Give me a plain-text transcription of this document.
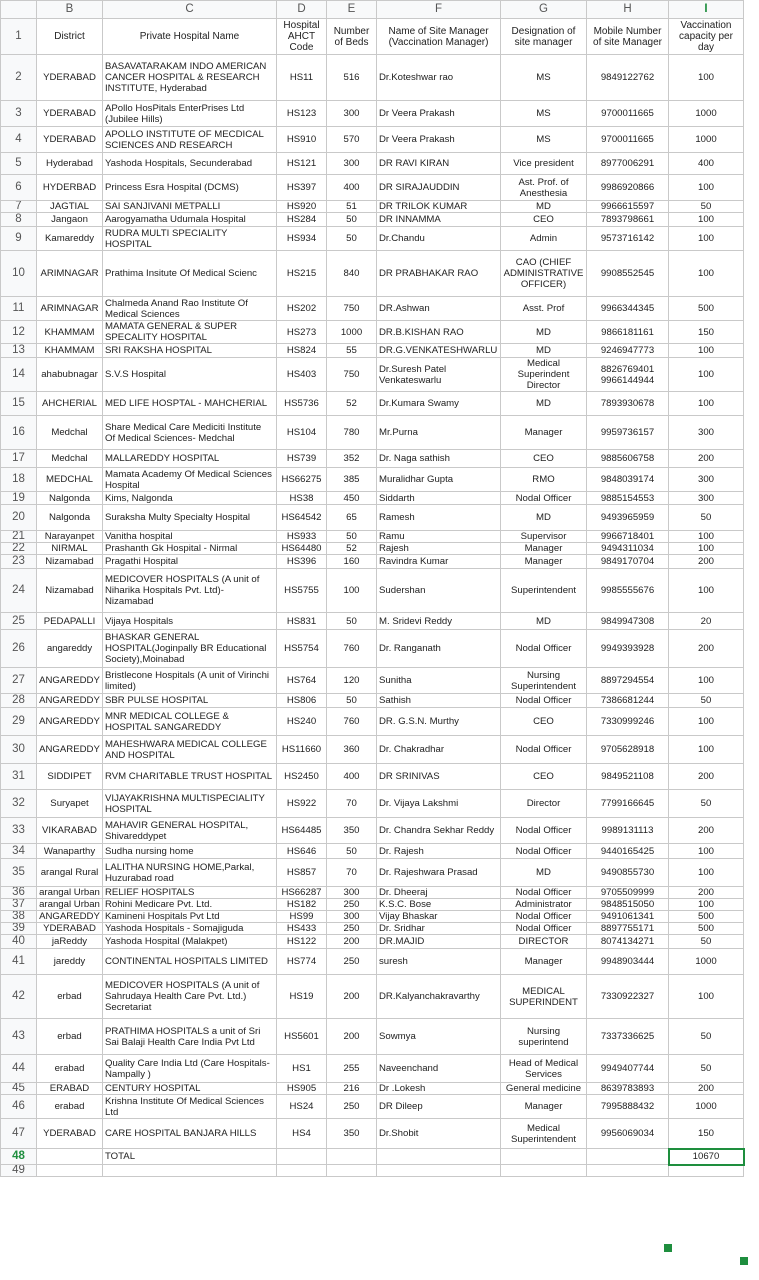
	B	C	D	E	F	G	H	I
1	District	Private Hospital Name	Hospital AHCT Code	Number of Beds	Name of Site Manager (Vaccination Manager)	Designation of site manager	Mobile Number of site Manager	Vaccination capacity per day
2	YDERABAD	BASAVATARAKAM INDO AMERICAN CANCER HOSPITAL & RESEARCH INSTITUTE, Hyderabad	HS11	516	Dr.Koteshwar rao	MS	9849122762	100
3	YDERABAD	APollo HosPitals EnterPrises Ltd (Jubilee Hills)	HS123	300	Dr Veera Prakash	MS	9700011665	1000
4	YDERABAD	APOLLO INSTITUTE OF MECDICAL SCIENCES AND RESEARCH	HS910	570	Dr Veera Prakash	MS	9700011665	1000
5	Hyderabad	Yashoda Hospitals, Secunderabad	HS121	300	DR RAVI KIRAN	Vice president	8977006291	400
6	HYDERBAD	Princess Esra Hospital (DCMS)	HS397	400	DR SIRAJAUDDIN	Ast. Prof. of Anesthesia	9986920866	100
7	JAGTIAL	SAI SANJIVANI METPALLI	HS920	51	DR TRILOK KUMAR	MD	9966615597	50
8	Jangaon	Aarogyamatha Udumala Hospital	HS284	50	DR INNAMMA	CEO	7893798661	100
9	Kamareddy	RUDRA MULTI SPECIALITY HOSPITAL	HS934	50	Dr.Chandu	Admin	9573716142	100
10	ARIMNAGAR	Prathima Insitute Of Medical Scienc	HS215	840	DR PRABHAKAR RAO	CAO (CHIEF ADMINISTRATIVE OFFICER)	9908552545	100
11	ARIMNAGAR	Chalmeda Anand Rao Institute Of Medical Sciences	HS202	750	DR.Ashwan	Asst. Prof	9966344345	500
12	KHAMMAM	MAMATA GENERAL & SUPER SPECALITY HOSPITAL	HS273	1000	DR.B.KISHAN RAO	MD	9866181161	150
13	KHAMMAM	SRI RAKSHA HOSPITAL	HS824	55	DR.G.VENKATESHWARLU	MD	9246947773	100
14	ahabubnagar	S.V.S Hospital	HS403	750	Dr.Suresh Patel Venkateswarlu	Medical Superindent Director	8826769401 9966144944	100
15	AHCHERIAL	MED LIFE HOSPTAL - MAHCHERIAL	HS5736	52	Dr.Kumara Swamy	MD	7893930678	100
16	Medchal	Share Medical Care Mediciti Institute Of Medical Sciences- Medchal	HS104	780	Mr.Purna	Manager	9959736157	300
17	Medchal	MALLAREDDY HOSPITAL	HS739	352	Dr. Naga sathish	CEO	9885606758	200
18	MEDCHAL	Mamata Academy Of Medical Sciences Hospital	HS66275	385	Muralidhar Gupta	RMO	9848039174	300
19	Nalgonda	Kims, Nalgonda	HS38	450	Siddarth	Nodal Officer	9885154553	300
20	Nalgonda	Suraksha Multy Specialty Hospital	HS64542	65	Ramesh	MD	9493965959	50
21	Narayanpet	Vanitha hospital	HS933	50	Ramu	Supervisor	9966718401	100
22	NIRMAL	Prashanth Gk Hospital - Nirmal	HS64480	52	Rajesh	Manager	9494311034	100
23	Nizamabad	Pragathi Hospital	HS396	160	Ravindra Kumar	Manager	9849170704	200
24	Nizamabad	MEDICOVER HOSPITALS (A unit of Niharika Hospitals Pvt. Ltd)- Nizamabad	HS5755	100	Sudershan	Superintendent	9985555676	100
25	PEDAPALLI	Vijaya Hospitals	HS831	50	M. Sridevi Reddy	MD	9849947308	20
26	angareddy	BHASKAR GENERAL HOSPITAL(Joginpally BR Educational Society),Moinabad	HS5754	760	Dr. Ranganath	Nodal Officer	9949393928	200
27	ANGAREDDY	Bristlecone Hospitals (A unit of Virinchi limited)	HS764	120	Sunitha	Nursing Superintendent	8897294554	100
28	ANGAREDDY	SBR PULSE HOSPITAL	HS806	50	Sathish	Nodal Officer	7386681244	50
29	ANGAREDDY	MNR MEDICAL COLLEGE & HOSPITAL SANGAREDDY	HS240	760	DR. G.S.N. Murthy	CEO	7330999246	100
30	ANGAREDDY	MAHESHWARA MEDICAL COLLEGE AND HOSPITAL	HS11660	360	Dr. Chakradhar	Nodal Officer	9705628918	100
31	SIDDIPET	RVM CHARITABLE TRUST HOSPITAL	HS2450	400	DR SRINIVAS	CEO	9849521108	200
32	Suryapet	VIJAYAKRISHNA MULTISPECIALITY HOSPITAL	HS922	70	Dr. Vijaya Lakshmi	Director	7799166645	50
33	VIKARABAD	MAHAVIR GENERAL HOSPITAL, Shivareddypet	HS64485	350	Dr. Chandra Sekhar Reddy	Nodal Officer	9989131113	200
34	Wanaparthy	Sudha nursing home	HS646	50	Dr. Rajesh	Nodal Officer	9440165425	100
35	arangal Rural	LALITHA NURSING HOME,Parkal, Huzurabad road	HS857	70	Dr. Rajeshwara Prasad	MD	9490855730	100
36	arangal Urban	RELIEF HOSPITALS	HS66287	300	Dr. Dheeraj	Nodal Officer	9705509999	200
37	arangal Urban	Rohini Medicare Pvt. Ltd.	HS182	250	K.S.C. Bose	Administrator	9848515050	100
38	ANGAREDDY	Kamineni Hospitals Pvt Ltd	HS99	300	Vijay Bhaskar	Nodal Officer	9491061341	500
39	YDERABAD	Yashoda Hospitals - Somajiguda	HS433	250	Dr. Sridhar	Nodal Officer	8897755171	500
40	jaReddy	Yashoda Hospital (Malakpet)	HS122	200	DR.MAJID	DIRECTOR	8074134271	50
41	jareddy	CONTINENTAL HOSPITALS LIMITED	HS774	250	suresh	Manager	9948903444	1000
42	erbad	MEDICOVER HOSPITALS (A unit of Sahrudaya Health Care Pvt. Ltd.) Secretariat	HS19	200	DR.Kalyanchakravarthy	MEDICAL SUPERINDENT	7330922327	100
43	erbad	PRATHIMA HOSPITALS a unit of Sri Sai Balaji Health Care India Pvt Ltd	HS5601	200	Sowmya	Nursing superintend	7337336625	50
44	erabad	Quality Care India Ltd (Care Hospitals- Nampally )	HS1	255	Naveenchand	Head of Medical Services	9949407744	50
45	ERABAD	CENTURY HOSPITAL	HS905	216	Dr .Lokesh	General medicine	8639783893	200
46	erabad	Krishna Institute Of Medical Sciences Ltd	HS24	250	DR Dileep	Manager	7995888432	1000
47	YDERABAD	CARE HOSPITAL BANJARA HILLS	HS4	350	Dr.Shobit	Medical Superintendent	9956069034	150
48		TOTAL						10670
49								
